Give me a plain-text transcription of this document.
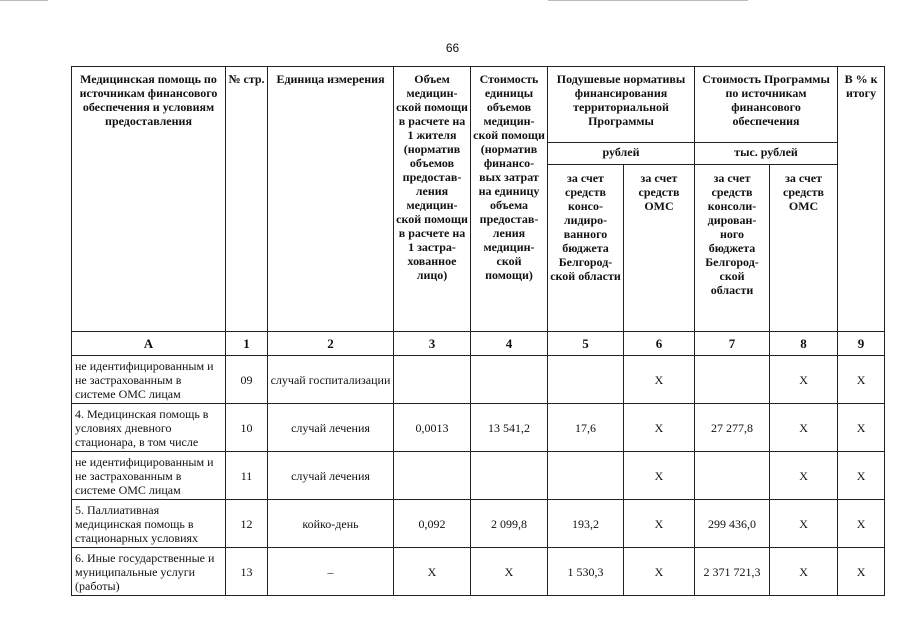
66
Медицинская помощь по источникам финансового обеспечения и условиям предоставления	№ стр.	Единица измерения	Объем медицин-ской помощи в расчете на 1 жителя (норматив объемов предостав-ления медицин-ской помощи в расчете на 1 застра-хованное лицо)	Стоимость единицы объемов медицин-ской помощи (норматив финансо-вых затрат на единицу объема предостав-ления медицин-ской помощи)	Подушевые нормативы финансирования территориальной Программы		Стоимость Программы по источникам финансового обеспечения		В % к итогу
					рублей		тыс. рублей		
					за счет средств консо-лидиро-ванного бюджета Белгород-ской области	за счет средств ОМС	за счет средств консоли-дирован-ного бюджета Белгород-ской области	за счет средств ОМС	
А	1	2	3	4	5	6	7	8	9
не идентифицированным и не застрахованным в системе ОМС лицам	09	случай госпитализации				X		X	X
4. Медицинская помощь в условиях дневного стационара, в том числе	10	случай лечения	0,0013	13 541,2	17,6	X	27 277,8	X	X
не идентифицированным и не застрахованным в системе ОМС лицам	11	случай лечения				X		X	X
5. Паллиативная медицинская помощь в стационарных условиях	12	койко-день	0,092	2 099,8	193,2	X	299 436,0	X	X
6. Иные государственные и муниципальные услуги (работы)	13	–	X	X	1 530,3	X	2 371 721,3	X	X
